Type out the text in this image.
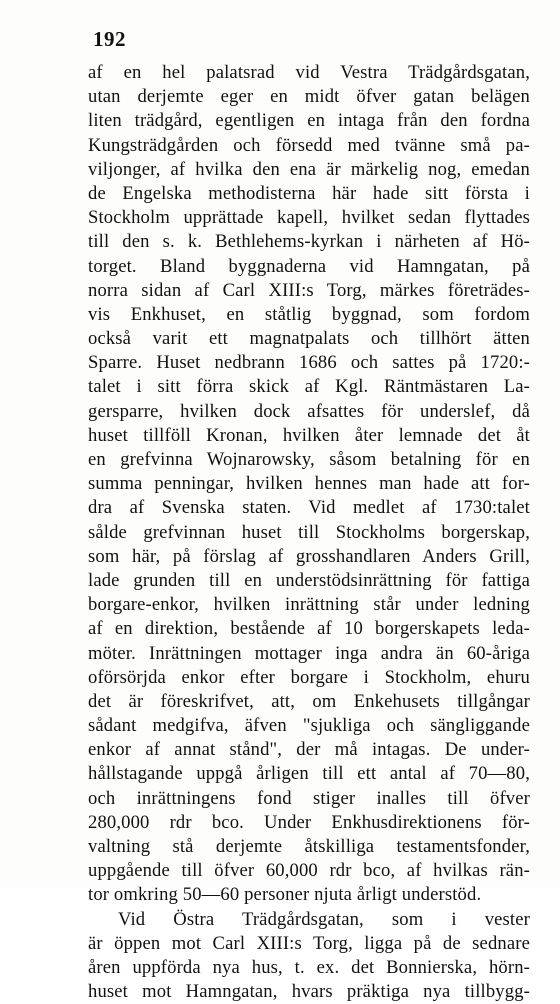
192
af en hel palatsrad vid Vestra Trädgårdsgatan,
utan derjemte eger en midt öfver gatan belägen
liten trädgård, egentligen en intaga från den fordna
Kungsträdgården och försedd med tvänne små pa-
viljonger, af hvilka den ena är märkelig nog, emedan
de Engelska methodisterna här hade sitt första i
Stockholm upprättade kapell, hvilket sedan flyttades
till den s. k. Bethlehems-kyrkan i närheten af Hö-
torget. Bland byggnaderna vid Hamngatan, på
norra sidan af Carl XIII:s Torg, märkes företrädes-
vis Enkhuset, en ståtlig byggnad, som fordom
också varit ett magnatpalats och tillhört ätten
Sparre. Huset nedbrann 1686 och sattes på 1720:-
talet i sitt förra skick af Kgl. Räntmästaren La-
gersparre, hvilken dock afsattes för underslef, då
huset tillföll Kronan, hvilken åter lemnade det åt
en grefvinna Wojnarowsky, såsom betalning för en
summa penningar, hvilken hennes man hade att for-
dra af Svenska staten. Vid medlet af 1730:talet
sålde grefvinnan huset till Stockholms borgerskap,
som här, på förslag af grosshandlaren Anders Grill,
lade grunden till en understödsinrättning för fattiga
borgare-enkor, hvilken inrättning står under ledning
af en direktion, bestående af 10 borgerskapets leda-
möter. Inrättningen mottager inga andra än 60-åriga
oförsörjda enkor efter borgare i Stockholm, ehuru
det är föreskrifvet, att, om Enkehusets tillgångar
sådant medgifva, äfven "sjukliga och sängliggande
enkor af annat stånd", der må intagas. De under-
hållstagande uppgå årligen till ett antal af 70—80,
och inrättningens fond stiger inalles till öfver
280,000 rdr bco. Under Enkhusdirektionens för-
valtning stå derjemte åtskilliga testamentsfonder,
uppgående till öfver 60,000 rdr bco, af hvilkas rän-
tor omkring 50—60 personer njuta årligt understöd.
Vid Östra Trädgårdsgatan, som i vester
är öppen mot Carl XIII:s Torg, ligga på de sednare
åren uppförda nya hus, t. ex. det Bonnierska, hörn-
huset mot Hamngatan, hvars präktiga nya tillbygg-
